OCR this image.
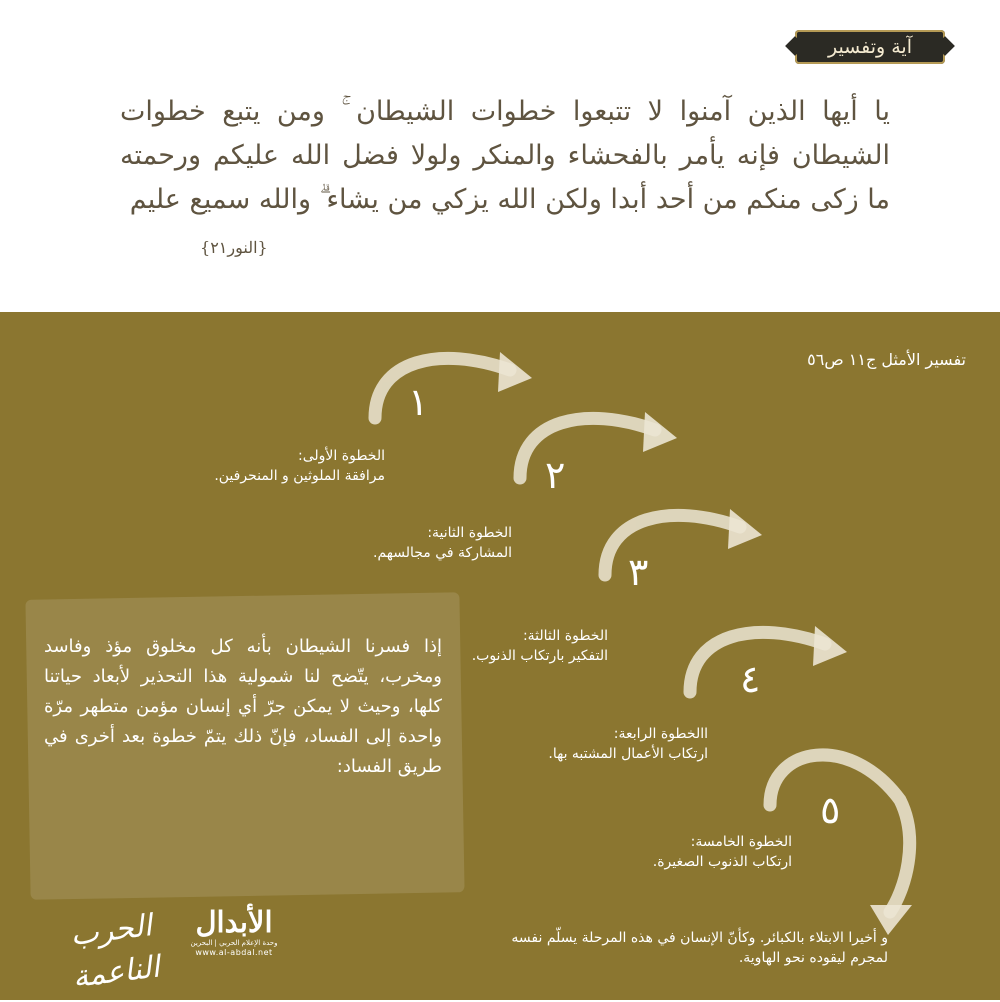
آية وتفسير
يا أيها الذين آمنوا لا تتبعوا خطوات الشيطان ۚ ومن يتبع خطوات الشيطان فإنه يأمر بالفحشاء والمنكر ولولا فضل الله عليكم ورحمته ما زكى منكم من أحد أبدا ولكن الله يزكي من يشاء ۗ والله سميع عليم
{النور٢١}
تفسير الأمثل ج١١ ص٥٦
١
٢
٣
٤
٥
الخطوة الأولى:
مرافقة الملوثين و المنحرفين.
الخطوة الثانية:
المشاركة في مجالسهم.
الخطوة الثالثة:
التفكير بارتكاب الذنوب.
االخطوة الرابعة:
ارتكاب الأعمال المشتبه بها.
الخطوة الخامسة:
ارتكاب الذنوب الصغيرة.
إذا فسرنا الشيطان بأنه كل مخلوق مؤذ وفاسد ومخرب، يتّضح لنا شمولية هذا التحذير لأبعاد حياتنا كلها، وحيث لا يمكن جرّ أي إنسان مؤمن متطهر مرّة واحدة إلى الفساد، فإنّ ذلك يتمّ خطوة بعد أخرى في طريق الفساد:
و أخيرا الابتلاء بالكبائر. وكأنّ الإنسان في هذه المرحلة يسلّم نفسه لمجرم ليقوده نحو الهاوية.
الأبدال
وحدة الإعلام الحربي | البحرين
www.al-abdal.net
الحرب الناعمة
